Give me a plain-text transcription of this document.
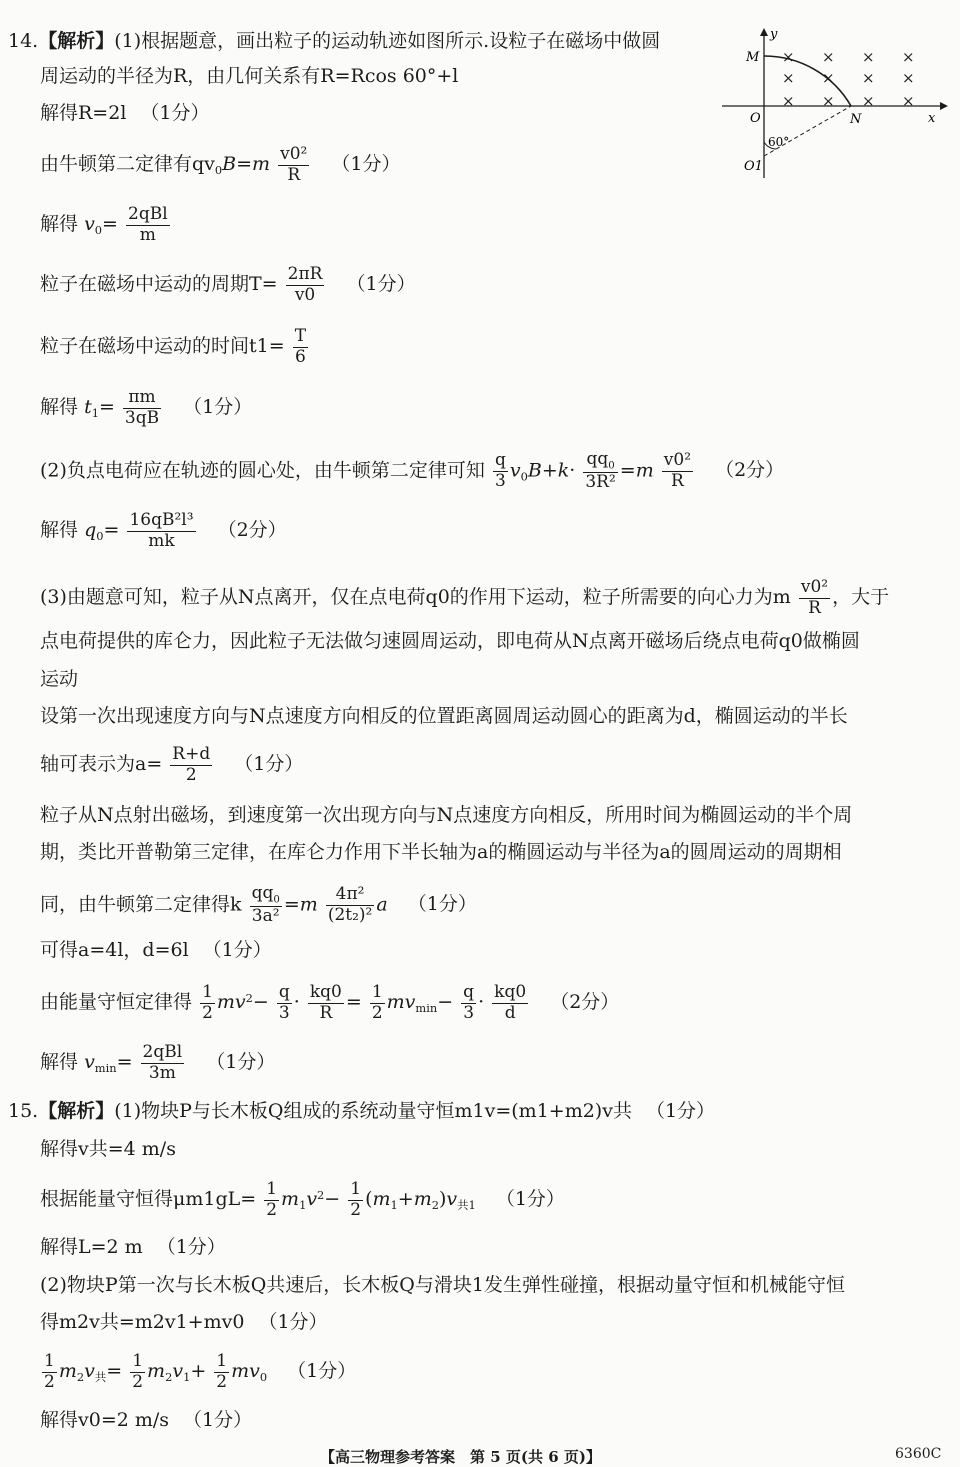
14.【解析】(1)根据题意，画出粒子的运动轨迹如图所示.设粒子在磁场中做圆
周运动的半径为R，由几何关系有R=Rcos 60°+l
解得R=2l （1分）
由牛顿第二定律有$qv_0B=m \frac{\text{v0²}}{R} (1$分）
解得 $v_0= \frac{\text{2qBl}}{m}$
粒子在磁场中运动的周期$T= \frac{2\pi R}{v0} (1$分）
粒子在磁场中运动的时间$t1= \frac{T}{6}$
解得 $t_1= \frac{\pi m}{3qB} (1$分）
(2)负点电荷应在轨迹的圆心处，由牛顿第二定律可知 $\frac{q}{3} v_0B+k\cdot \frac{qq_0}{\text{3R²}} =m \frac{\text{v0²}}{R} (2$分）
解得 $q_0= \frac{\text{16qB²l³}}{mk} (2$分）
(3)由题意可知，粒子从N点离开，仅在点电荷q0的作用下运动，粒子所需要的向心力为m $\frac{\text{v0²}}{R}$ ，大于
点电荷提供的库仑力，因此粒子无法做匀速圆周运动，即电荷从N点离开磁场后绕点电荷q0做椭圆
运动
设第一次出现速度方向与N点速度方向相反的位置距离圆周运动圆心的距离为d，椭圆运动的半长
轴可表示为$a= \frac{R+d}{2} (1$分）
粒子从N点射出磁场，到速度第一次出现方向与N点速度方向相反，所用时间为椭圆运动的半个周
期，类比开普勒第三定律，在库仑力作用下半长轴为a的椭圆运动与半径为a的圆周运动的周期相
同，由牛顿第二定律得k $\frac{qq_0}{\text{3a²}} =m \frac{\text{4π²}}{\text{(2t₂)²}}$ a （1分）
可得a=4l，d=6l （1分）
由能量守恒定律得 $\frac{1}{2} mv^2- \frac{q}{3} \cdot \frac{kq0}{R} = \frac{1}{2} mv_{min}- \frac{q}{3} \cdot \frac{kq0}{d} (2$分）
解得 $v_{min}= \frac{\text{2qBl}}{3m} (1$分）
15.【解析】(1)物块P与长木板Q组成的系统动量守恒m1v=(m1+m2)v共 （1分）
解得v共=4 m/s
根据能量守恒得$\mu m1gL= \frac{1}{2} m_1v^2- \frac{1}{2} (m_1+m_2)v_{共1}$ （1分）
解得L=2 m （1分）
(2)物块P第一次与长木板Q共速后，长木板Q与滑块1发生弹性碰撞，根据动量守恒和机械能守恒
得m2v共=m2v1+mv0 （1分）
$\frac{1}{2} m_2v_共= \frac{1}{2} m_2v_1+ \frac{1}{2} mv_0$ （1分）
解得v0=2 m/s （1分）
× × × ×
× × × ×
× × × ×
y
x
M
O	N
O1
60°
【高三物理参考答案　第 5 页(共 6 页)】	6360C
